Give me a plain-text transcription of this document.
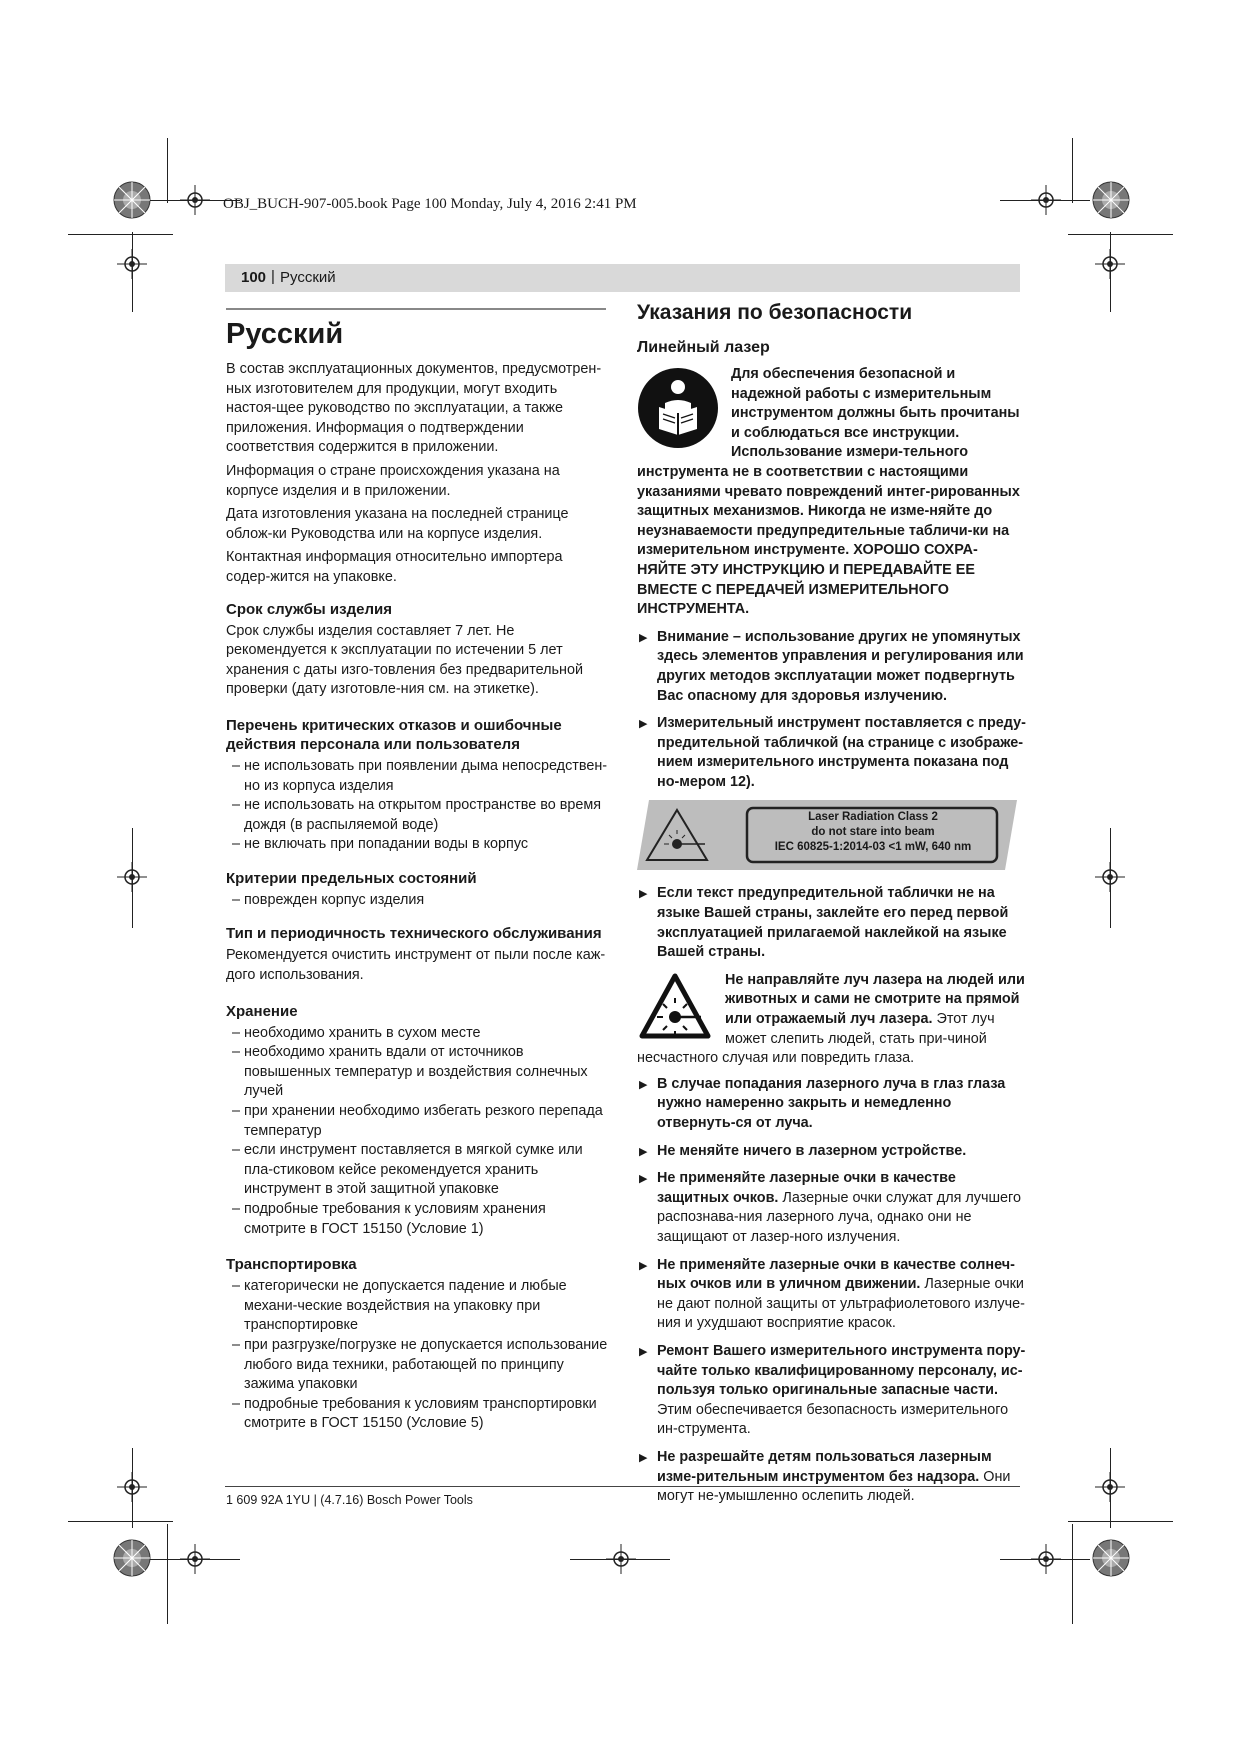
OBJ_BUCH-907-005.book Page 100 Monday, July 4, 2016 2:41 PM
100 | Русский
Русский

В состав эксплуатационных документов, предусмотрен-ных изготовителем для продукции, могут входить настоя-щее руководство по эксплуатации, а также приложения. Информация о подтверждении соответствия содержится в приложении.

Информация о стране происхождения указана на корпусе изделия и в приложении.

Дата изготовления указана на последней странице облож-ки Руководства или на корпусе изделия.

Контактная информация относительно импортера содер-жится на упаковке.

Срок службы изделия

Срок службы изделия составляет 7 лет. Не рекомендуется к эксплуатации по истечении 5 лет хранения с даты изго-товления без предварительной проверки (дату изготовле-ния см. на этикетке).

Перечень критических отказов и ошибочные действия персонала или пользователя

– не использовать при появлении дыма непосредствен-но из корпуса изделия

– не использовать на открытом пространстве во время дождя (в распыляемой воде)

– не включать при попадании воды в корпус

Критерии предельных состояний

– поврежден корпус изделия

Тип и периодичность технического обслуживания

Рекомендуется очистить инструмент от пыли после каж-дого использования.

Хранение

– необходимо хранить в сухом месте

– необходимо хранить вдали от источников повышенных температур и воздействия солнечных лучей

– при хранении необходимо избегать резкого перепада температур

– если инструмент поставляется в мягкой сумке или пла-стиковом кейсе рекомендуется хранить инструмент в этой защитной упаковке

– подробные требования к условиям хранения смотрите в ГОСТ 15150 (Условие 1)

Транспортировка

– категорически не допускается падение и любые механи-ческие воздействия на упаковку при транспортировке

– при разгрузке/погрузке не допускается использование любого вида техники, работающей по принципу зажима упаковки

– подробные требования к условиям транспортировки смотрите в ГОСТ 15150 (Условие 5)

Указания по безопасности
Линейный лазер

Для обеспечения безопасной и надежной работы с измерительным инструментом должны быть прочитаны и соблюдаться все инструкции. Использование измери-тельного инструмента не в соответствии с настоящими указаниями чревато повреждений интег-рированных защитных механизмов. Никогда не изме-няйте до неузнаваемости предупредительные табличи-ки на измерительном инструменте. ХОРОШО СОХРА-НЯЙТЕ ЭТУ ИНСТРУКЦИЮ И ПЕРЕДАВАЙТЕ ЕЕ ВМЕСТЕ С ПЕРЕДАЧЕЙ ИЗМЕРИТЕЛЬНОГО ИНСТРУМЕНТА.

▶ Внимание – использование других не упомянутых здесь элементов управления и регулирования или других методов эксплуатации может подвергнуть Вас опасному для здоровья излучению.
▶ Измерительный инструмент поставляется с преду-предительной табличкой (на странице с изображе-нием измерительного инструмента показана под но-мером 12).
Laser Radiation Class 2
do not stare into beam
IEC 60825-1:2014-03 <1 mW, 640 nm
▶ Если текст предупредительной таблички не на языке Вашей страны, заклейте его перед первой эксплуатацией прилагаемой наклейкой на языке Вашей страны.

Не направляйте луч лазера на людей или животных и сами не смотрите на прямой или отражаемый луч лазера. Этот луч может слепить людей, стать при-чиной несчастного случая или повредить глаза.

▶ В случае попадания лазерного луча в глаз глаза нужно намеренно закрыть и немедленно отвернуть-ся от луча.
▶ Не меняйте ничего в лазерном устройстве.
▶ Не применяйте лазерные очки в качестве защитных очков. Лазерные очки служат для лучшего распознава-ния лазерного луча, однако они не защищают от лазер-ного излучения.
▶ Не применяйте лазерные очки в качестве солнеч-ных очков или в уличном движении. Лазерные очки не дают полной защиты от ультрафиолетового излуче-ния и ухудшают восприятие красок.
▶ Ремонт Вашего измерительного инструмента пору-чайте только квалифицированному персоналу, ис-пользуя только оригинальные запасные части. Этим обеспечивается безопасность измерительного ин-струмента.
▶ Не разрешайте детям пользоваться лазерным изме-рительным инструментом без надзора. Они могут не-умышленно ослепить людей.
1 609 92A 1YU | (4.7.16) Bosch Power Tools
